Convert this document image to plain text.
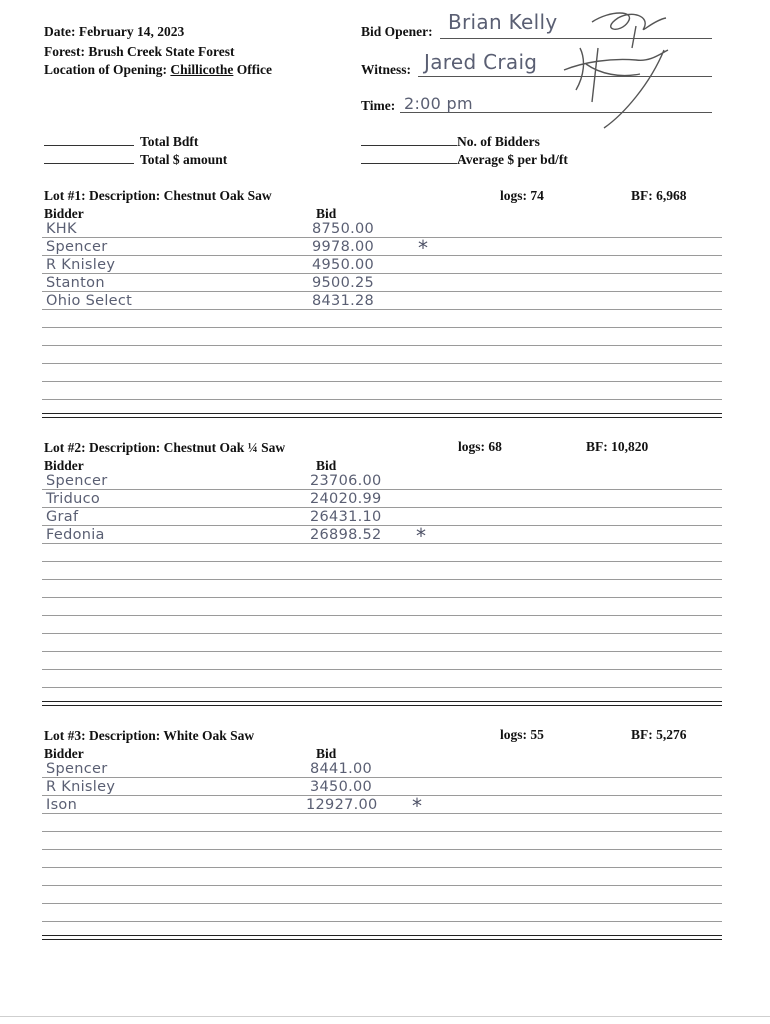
Date: February 14, 2023
Forest: Brush Creek State Forest
Location of Opening: Chillicothe Office
Bid Opener: Brian Kelly
Witness: Jared Craig
Time: 2:00 pm
Total Bdft
Total $ amount
No. of Bidders
Average $ per bd/ft
Lot #1: Description: Chestnut Oak Saw	logs: 74	BF: 6,968
Bidder	Bid
KHK	8750.00
Spencer	9978.00 *
R Knisley	4950.00
Stanton	9500.25
Ohio Select	8431.28
Lot #2: Description: Chestnut Oak ¼ Saw	logs: 68	BF: 10,820
Bidder	Bid
Spencer	23706.00
Triduco	24020.99
Graf	26431.10
Fedonia	26898.52 *
Lot #3: Description: White Oak Saw	logs: 55	BF: 5,276
Bidder	Bid
Spencer	8441.00
R Knisley	3450.00
Ison	12927.00 *
